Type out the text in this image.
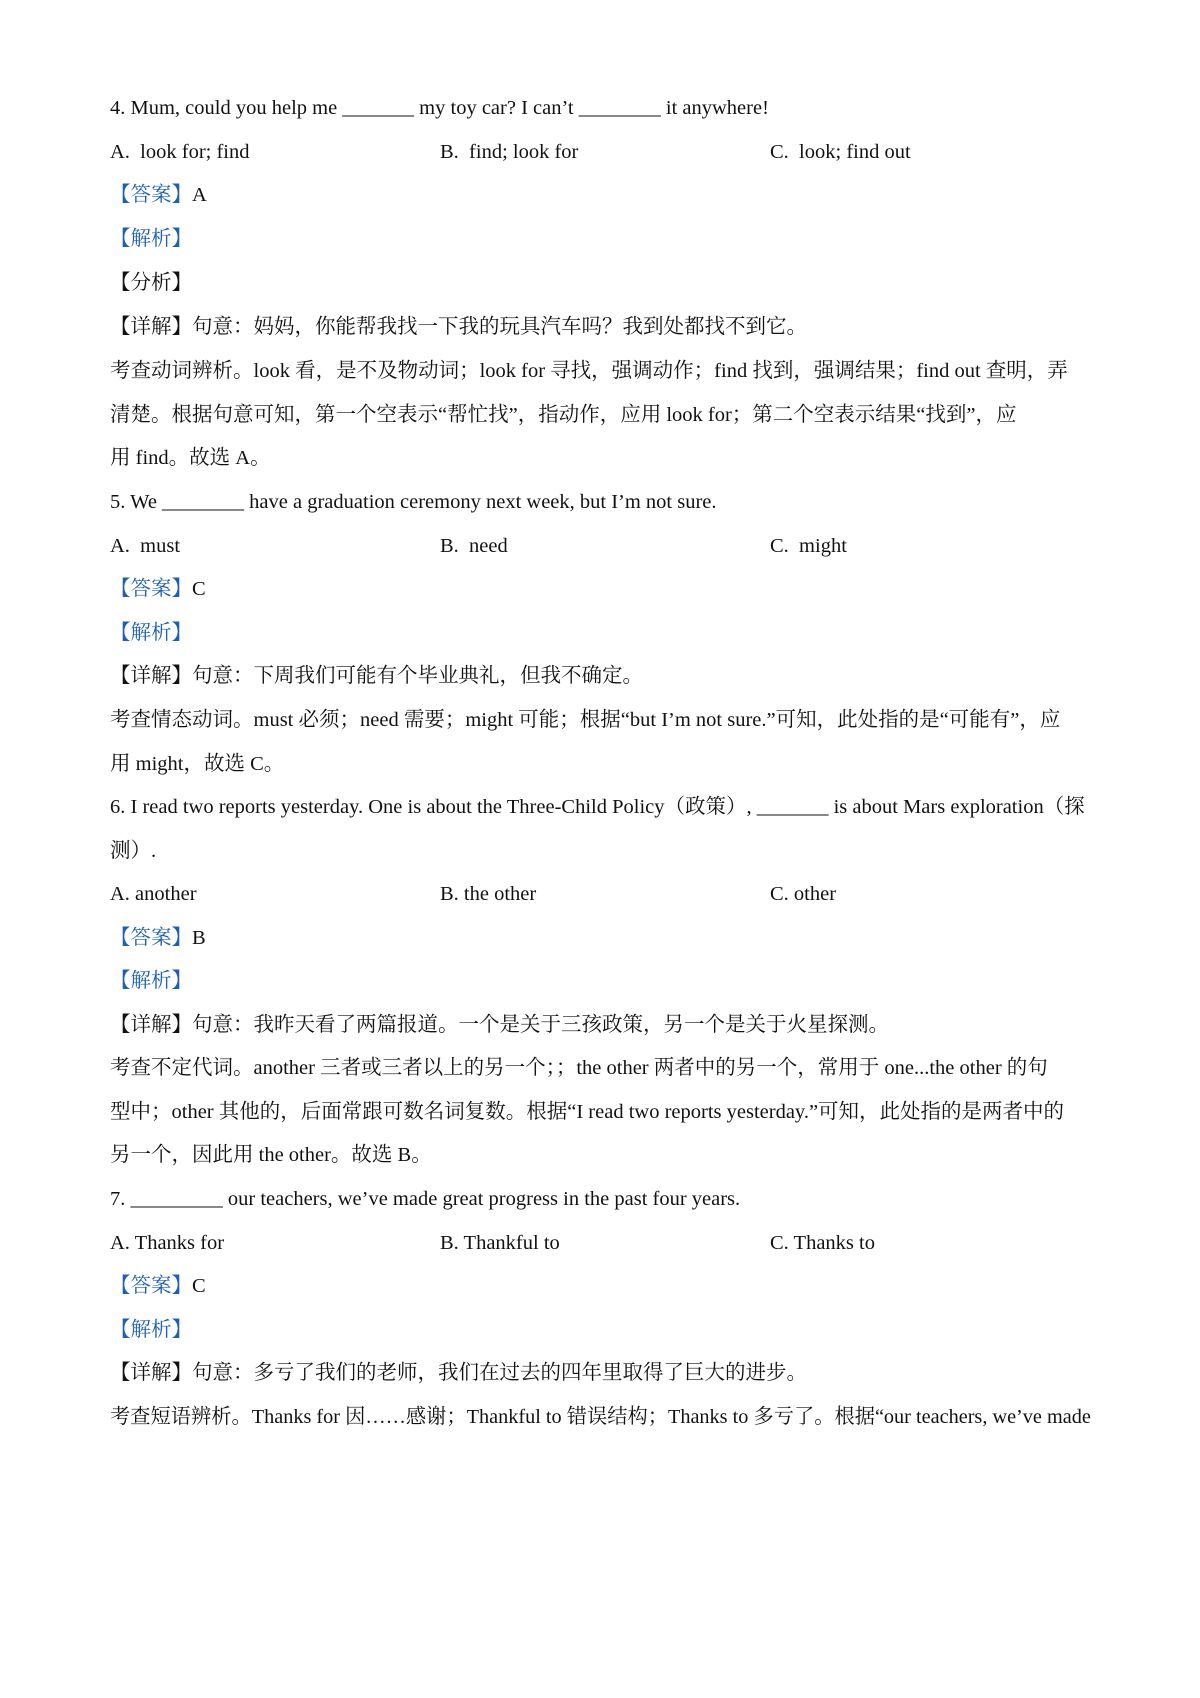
4. Mum, could you help me _______ my toy car? I can’t ________ it anywhere!
A. look for; find	B. find; look for	C. look; find out
【答案】A
【解析】
【分析】
【详解】句意：妈妈，你能帮我找一下我的玩具汽车吗？我到处都找不到它。
考查动词辨析。look 看，是不及物动词；look for 寻找，强调动作；find 找到，强调结果；find out 查明，弄
清楚。根据句意可知，第一个空表示“帮忙找”，指动作，应用 look for；第二个空表示结果“找到”，应
用 find。故选 A。
5. We ________ have a graduation ceremony next week, but I’m not sure.
A. must	B. need	C. might
【答案】C
【解析】
【详解】句意：下周我们可能有个毕业典礼，但我不确定。
考查情态动词。must 必须；need 需要；might 可能；根据“but I’m not sure.”可知，此处指的是“可能有”，应
用 might，故选 C。
6. I read two reports yesterday. One is about the Three-Child Policy（政策）, _______ is about Mars exploration（探
测）.
A. another	B. the other	C. other
【答案】B
【解析】
【详解】句意：我昨天看了两篇报道。一个是关于三孩政策，另一个是关于火星探测。
考查不定代词。another 三者或三者以上的另一个；；the other 两者中的另一个，常用于 one...the other 的句
型中；other 其他的，后面常跟可数名词复数。根据“I read two reports yesterday.”可知，此处指的是两者中的
另一个，因此用 the other。故选 B。
7. _________ our teachers, we’ve made great progress in the past four years.
A. Thanks for	B. Thankful to	C. Thanks to
【答案】C
【解析】
【详解】句意：多亏了我们的老师，我们在过去的四年里取得了巨大的进步。
考查短语辨析。Thanks for 因……感谢；Thankful to 错误结构；Thanks to 多亏了。根据“our teachers, we’ve made
